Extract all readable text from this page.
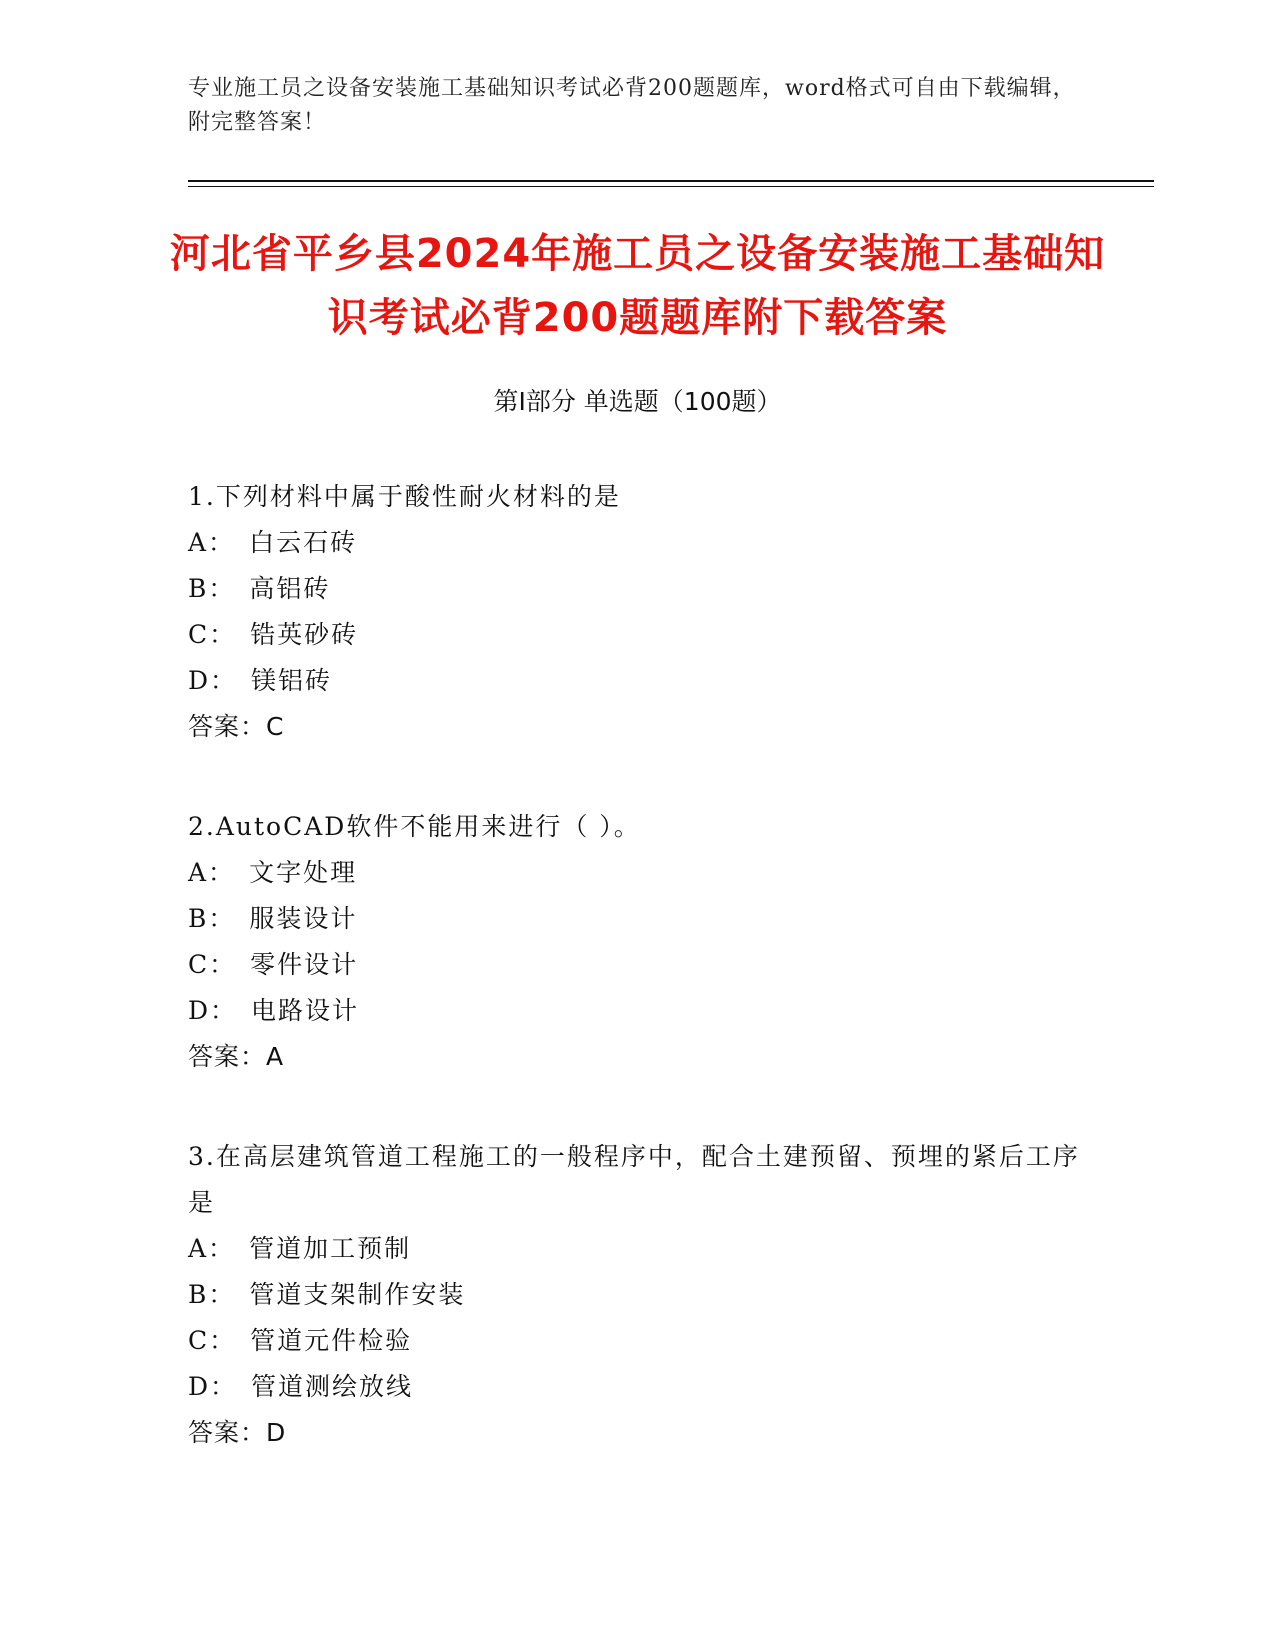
专业施工员之设备安装施工基础知识考试必背200题题库，word格式可自由下载编辑，附完整答案！
河北省平乡县2024年施工员之设备安装施工基础知识考试必背200题题库附下载答案
第Ⅰ部分 单选题（100题）
1.下列材料中属于酸性耐火材料的是
A： 白云石砖
B： 高铝砖
C： 锆英砂砖
D： 镁铝砖
答案：C
2.AutoCAD软件不能用来进行（ ）。
A： 文字处理
B： 服装设计
C： 零件设计
D： 电路设计
答案：A
3.在高层建筑管道工程施工的一般程序中，配合土建预留、预埋的紧后工序是
A： 管道加工预制
B： 管道支架制作安装
C： 管道元件检验
D： 管道测绘放线
答案：D
